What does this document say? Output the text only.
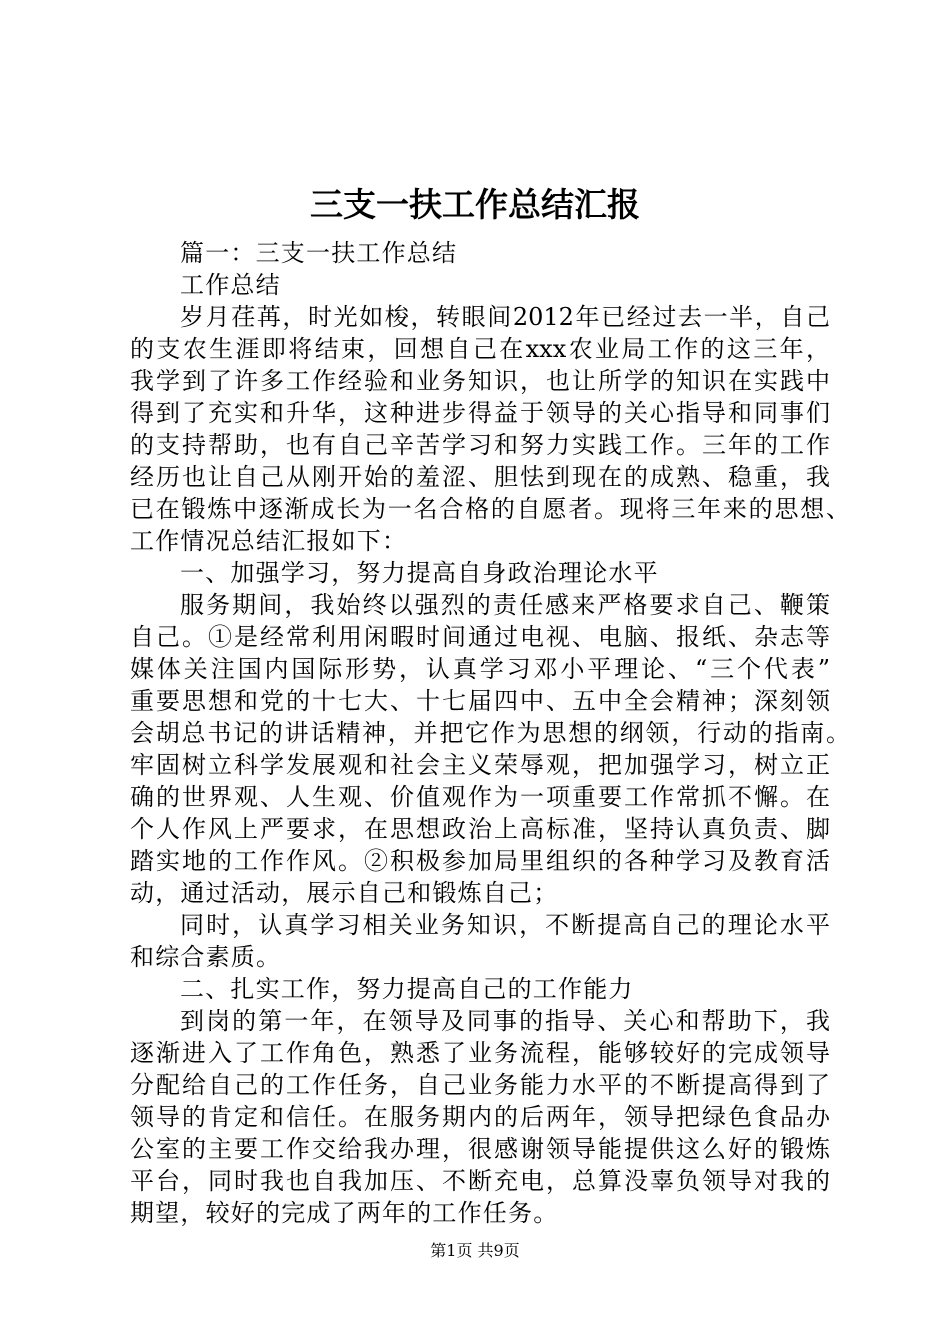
三支一扶工作总结汇报
篇一：三支一扶工作总结
工作总结
岁月荏苒，时光如梭，转眼间2012年已经过去一半，自己
的支农生涯即将结束，回想自己在xxx农业局工作的这三年，
我学到了许多工作经验和业务知识，也让所学的知识在实践中
得到了充实和升华，这种进步得益于领导的关心指导和同事们
的支持帮助，也有自己辛苦学习和努力实践工作。三年的工作
经历也让自己从刚开始的羞涩、胆怯到现在的成熟、稳重，我
已在锻炼中逐渐成长为一名合格的自愿者。现将三年来的思想、
工作情况总结汇报如下：
一、加强学习，努力提高自身政治理论水平
服务期间，我始终以强烈的责任感来严格要求自己、鞭策
自己。①是经常利用闲暇时间通过电视、电脑、报纸、杂志等
媒体关注国内国际形势，认真学习邓小平理论、“三个代表”
重要思想和党的十七大、十七届四中、五中全会精神；深刻领
会胡总书记的讲话精神，并把它作为思想的纲领，行动的指南。
牢固树立科学发展观和社会主义荣辱观，把加强学习，树立正
确的世界观、人生观、价值观作为一项重要工作常抓不懈。在
个人作风上严要求，在思想政治上高标准，坚持认真负责、脚
踏实地的工作作风。②积极参加局里组织的各种学习及教育活
动，通过活动，展示自己和锻炼自己；
同时，认真学习相关业务知识，不断提高自己的理论水平
和综合素质。
二、扎实工作，努力提高自己的工作能力
到岗的第一年，在领导及同事的指导、关心和帮助下，我
逐渐进入了工作角色，熟悉了业务流程，能够较好的完成领导
分配给自己的工作任务，自己业务能力水平的不断提高得到了
领导的肯定和信任。在服务期内的后两年，领导把绿色食品办
公室的主要工作交给我办理，很感谢领导能提供这么好的锻炼
平台，同时我也自我加压、不断充电，总算没辜负领导对我的
期望，较好的完成了两年的工作任务。
第1页 共9页
